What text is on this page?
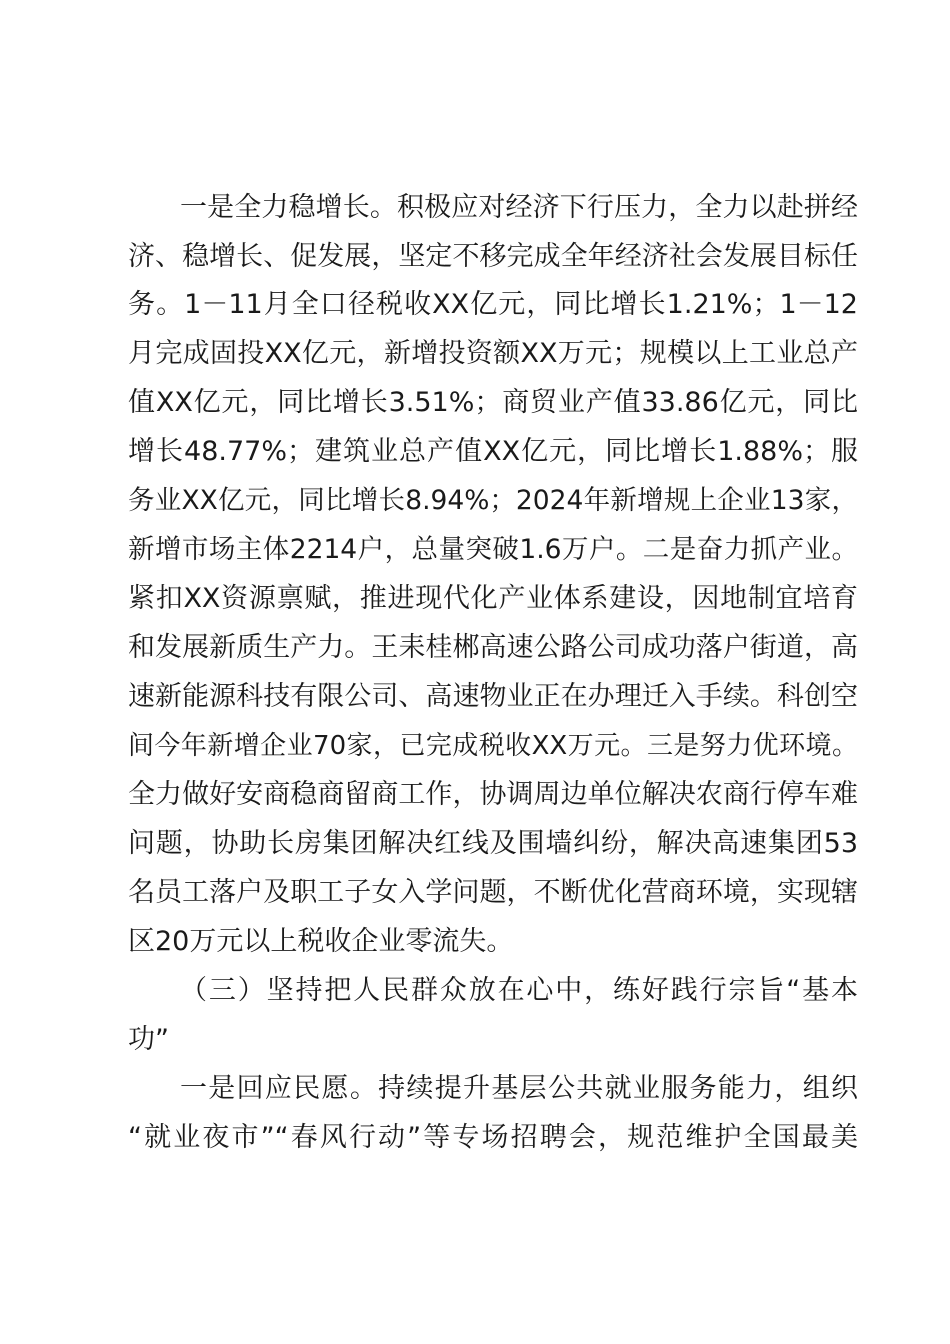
一是全力稳增长。积极应对经济下行压力，全力以赴拼经
济、稳增长、促发展，坚定不移完成全年经济社会发展目标任
务。1－11月全口径税收XX亿元，同比增长1.21%；1－12
月完成固投XX亿元，新增投资额XX万元；规模以上工业总产
值XX亿元，同比增长3.51%；商贸业产值33.86亿元，同比
增长48.77%；建筑业总产值XX亿元，同比增长1.88%；服
务业XX亿元，同比增长8.94%；2024年新增规上企业13家，
新增市场主体2214户，总量突破1.6万户。二是奋力抓产业。
紧扣XX资源禀赋，推进现代化产业体系建设，因地制宜培育
和发展新质生产力。王耒桂郴高速公路公司成功落户街道，高
速新能源科技有限公司、高速物业正在办理迁入手续。科创空
间今年新增企业70家，已完成税收XX万元。三是努力优环境。
全力做好安商稳商留商工作，协调周边单位解决农商行停车难
问题，协助长房集团解决红线及围墙纠纷，解决高速集团53
名员工落户及职工子女入学问题，不断优化营商环境，实现辖
区20万元以上税收企业零流失。
（三）坚持把人民群众放在心中，练好践行宗旨“基本
功”
一是回应民愿。持续提升基层公共就业服务能力，组织
“就业夜市”“春风行动”等专场招聘会，规范维护全国最美
